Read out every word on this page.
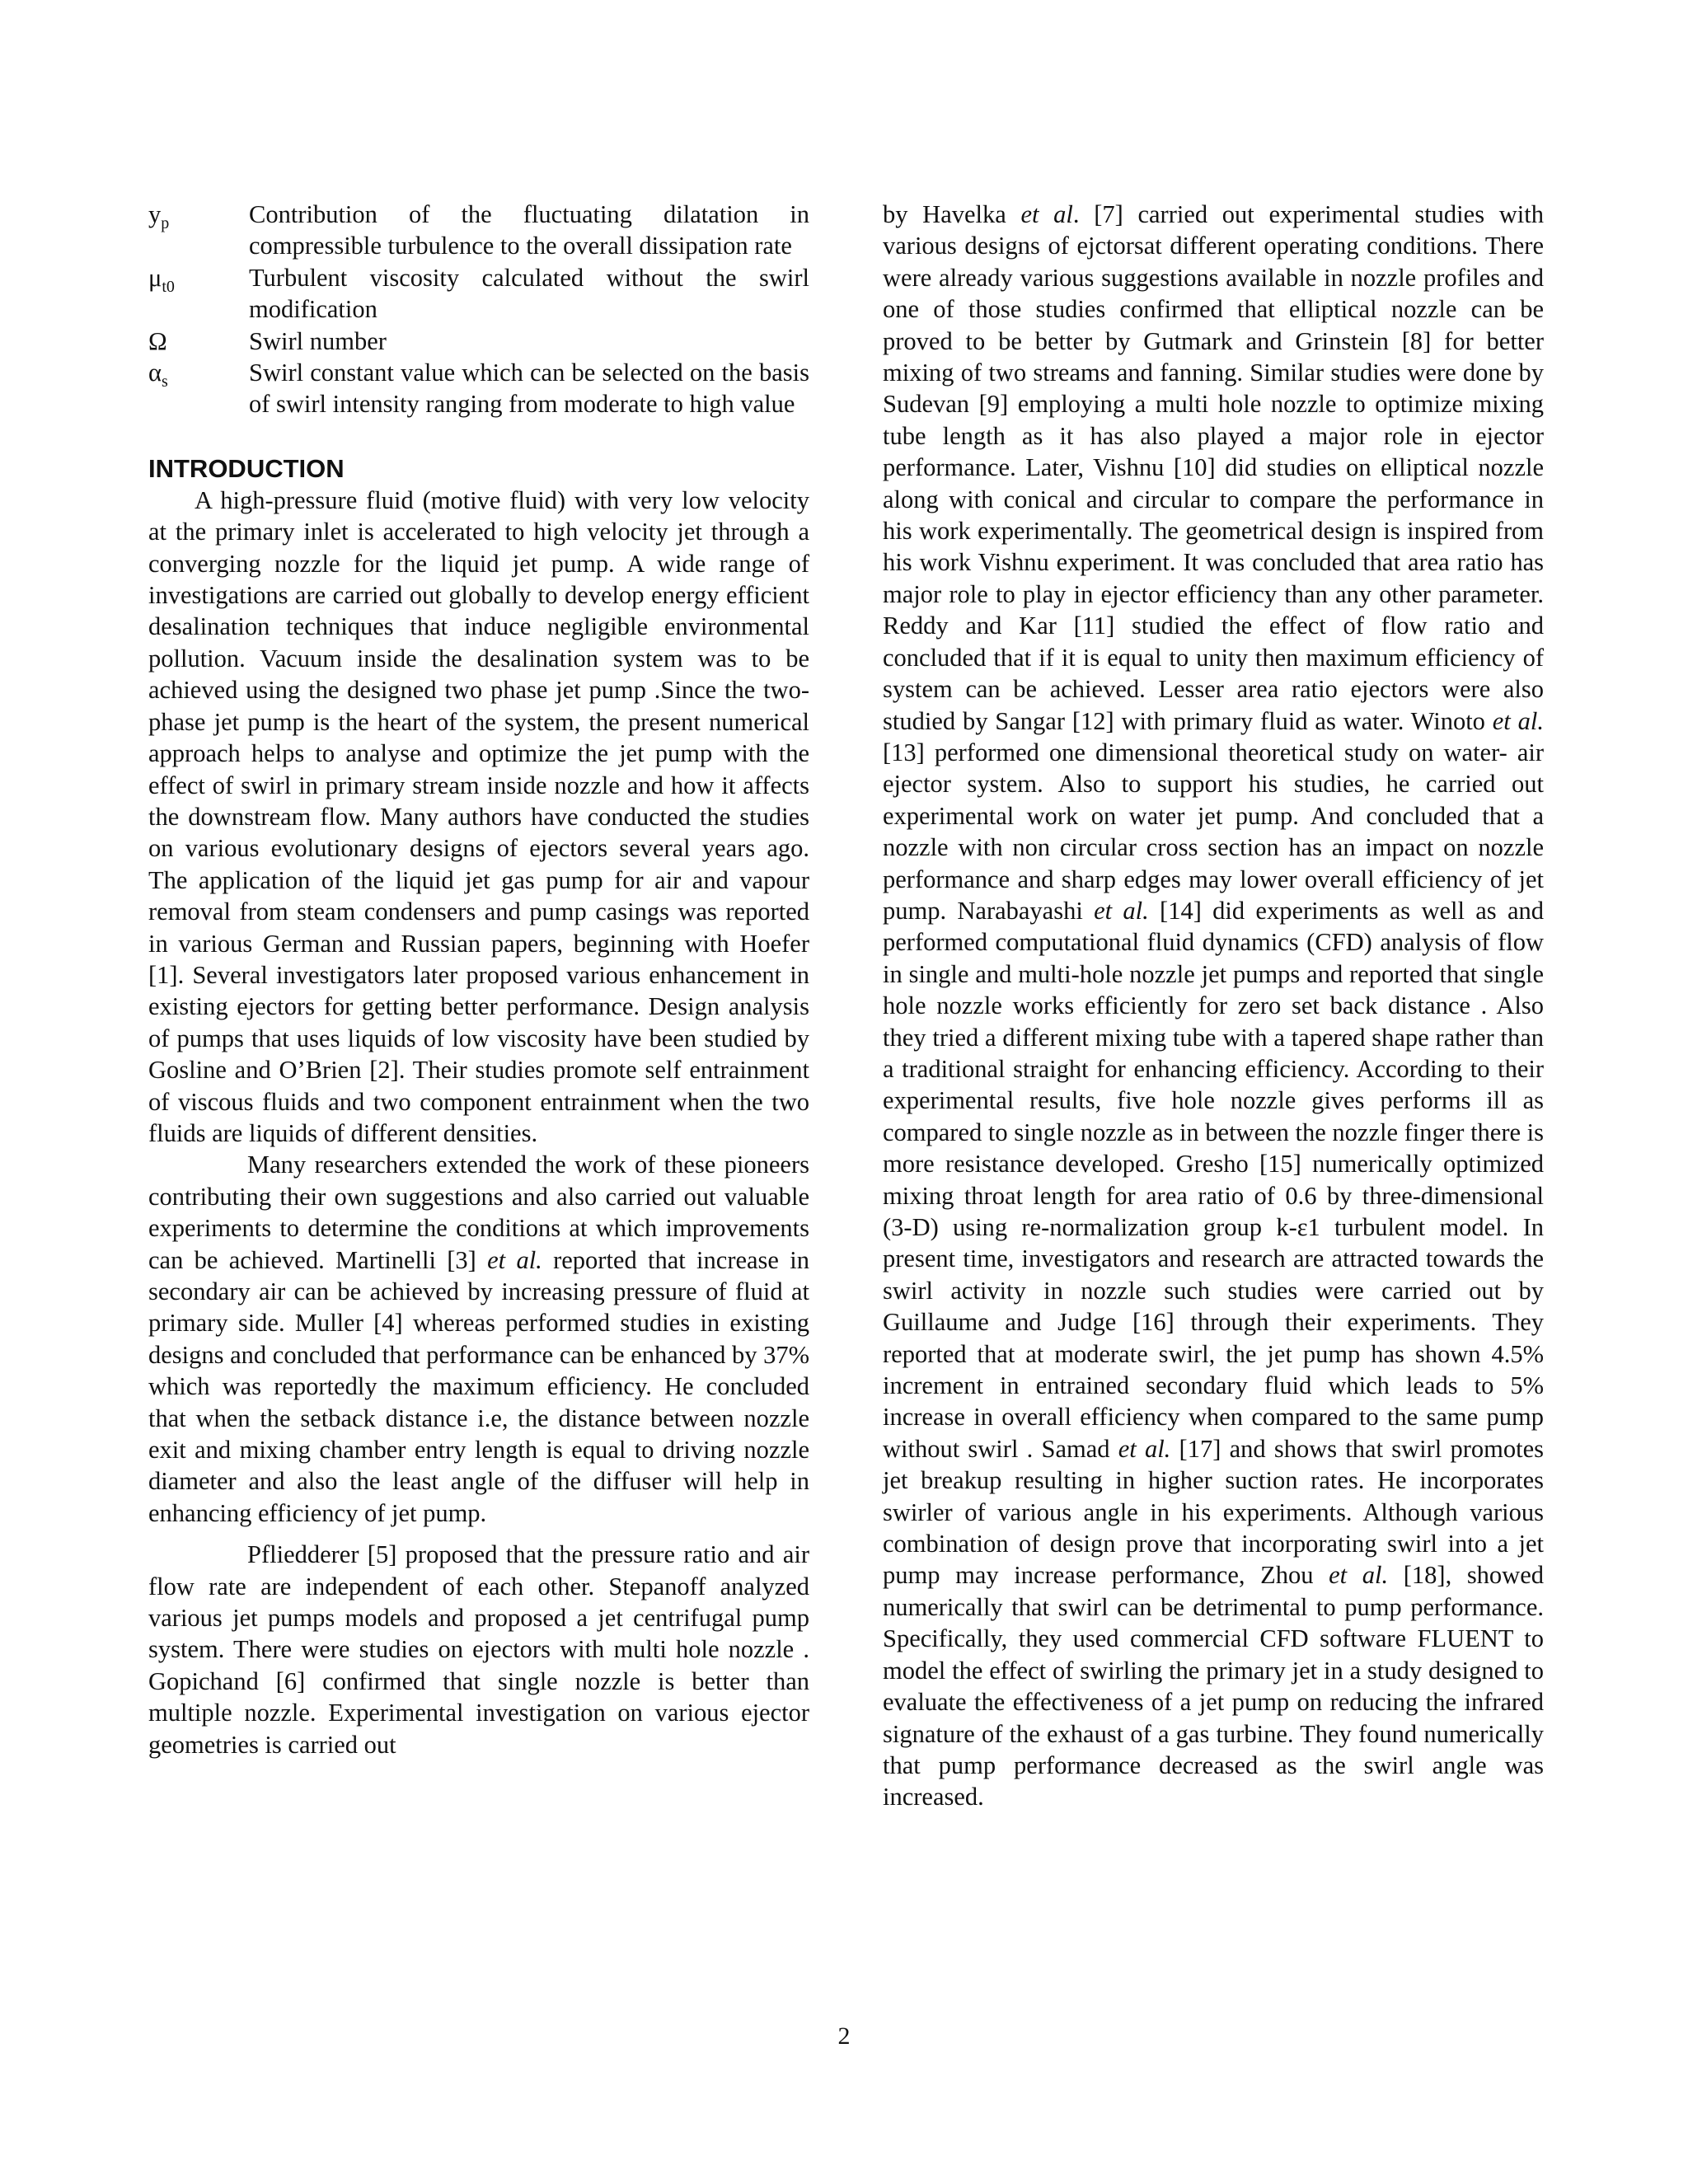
$y_p$	Contribution of the fluctuating dilatation in compressible turbulence to the overall dissipation rate
$\mu_{t0}$	Turbulent viscosity calculated without the swirl modification
Ω	Swirl number
$\alpha_s$	Swirl constant value which can be selected on the basis of swirl intensity ranging from moderate to high value
INTRODUCTION

A high-pressure fluid (motive fluid) with very low velocity at the primary inlet is accelerated to high velocity jet through a converging nozzle for the liquid jet pump. A wide range of investigations are carried out globally to develop energy efficient desalination techniques that induce negligible environmental pollution. Vacuum inside the desalination system was to be achieved using the designed two phase jet pump .Since the two-phase jet pump is the heart of the system, the present numerical approach helps to analyse and optimize the jet pump with the effect of swirl in primary stream inside nozzle and how it affects the downstream flow. Many authors have conducted the studies on various evolutionary designs of ejectors several years ago. The application of the liquid jet gas pump for air and vapour removal from steam condensers and pump casings was reported in various German and Russian papers, beginning with Hoefer [1]. Several investigators later proposed various enhancement in existing ejectors for getting better performance. Design analysis of pumps that uses liquids of low viscosity have been studied by Gosline and O’Brien [2]. Their studies promote self entrainment of viscous fluids and two component entrainment when the two fluids are liquids of different densities.

Many researchers extended the work of these pioneers contributing their own suggestions and also carried out valuable experiments to determine the conditions at which improvements can be achieved. Martinelli [3] et al. reported that increase in secondary air can be achieved by increasing pressure of fluid at primary side. Muller [4] whereas performed studies in existing designs and concluded that performance can be enhanced by 37% which was reportedly the maximum efficiency. He concluded that when the setback distance i.e, the distance between nozzle exit and mixing chamber entry length is equal to driving nozzle diameter and also the least angle of the diffuser will help in enhancing efficiency of jet pump.

Pfliedderer [5] proposed that the pressure ratio and air flow rate are independent of each other. Stepanoff analyzed various jet pumps models and proposed a jet centrifugal pump system. There were studies on ejectors with multi hole nozzle . Gopichand [6] confirmed that single nozzle is better than multiple nozzle. Experimental investigation on various ejector geometries is carried out

by Havelka et al. [7] carried out experimental studies with various designs of ejctorsat different operating conditions. There were already various suggestions available in nozzle profiles and one of those studies confirmed that elliptical nozzle can be proved to be better by Gutmark and Grinstein [8] for better mixing of two streams and fanning. Similar studies were done by Sudevan [9] employing a multi hole nozzle to optimize mixing tube length as it has also played a major role in ejector performance. Later, Vishnu [10] did studies on elliptical nozzle along with conical and circular to compare the performance in his work experimentally. The geometrical design is inspired from his work Vishnu experiment. It was concluded that area ratio has major role to play in ejector efficiency than any other parameter. Reddy and Kar [11] studied the effect of flow ratio and concluded that if it is equal to unity then maximum efficiency of system can be achieved. Lesser area ratio ejectors were also studied by Sangar [12] with primary fluid as water. Winoto et al. [13] performed one dimensional theoretical study on water- air ejector system. Also to support his studies, he carried out experimental work on water jet pump. And concluded that a nozzle with non circular cross section has an impact on nozzle performance and sharp edges may lower overall efficiency of jet pump. Narabayashi et al. [14] did experiments as well as and performed computational fluid dynamics (CFD) analysis of flow in single and multi-hole nozzle jet pumps and reported that single hole nozzle works efficiently for zero set back distance . Also they tried a different mixing tube with a tapered shape rather than a traditional straight for enhancing efficiency. According to their experimental results, five hole nozzle gives performs ill as compared to single nozzle as in between the nozzle finger there is more resistance developed. Gresho [15] numerically optimized mixing throat length for area ratio of 0.6 by three-dimensional (3-D) using re-normalization group k-ε1 turbulent model. In present time, investigators and research are attracted towards the swirl activity in nozzle such studies were carried out by Guillaume and Judge [16] through their experiments. They reported that at moderate swirl, the jet pump has shown 4.5% increment in entrained secondary fluid which leads to 5% increase in overall efficiency when compared to the same pump without swirl . Samad et al. [17] and shows that swirl promotes jet breakup resulting in higher suction rates. He incorporates swirler of various angle in his experiments. Although various combination of design prove that incorporating swirl into a jet pump may increase performance, Zhou et al. [18], showed numerically that swirl can be detrimental to pump performance. Specifically, they used commercial CFD software FLUENT to model the effect of swirling the primary jet in a study designed to evaluate the effectiveness of a jet pump on reducing the infrared signature of the exhaust of a gas turbine. They found numerically that pump performance decreased as the swirl angle was increased.

2
